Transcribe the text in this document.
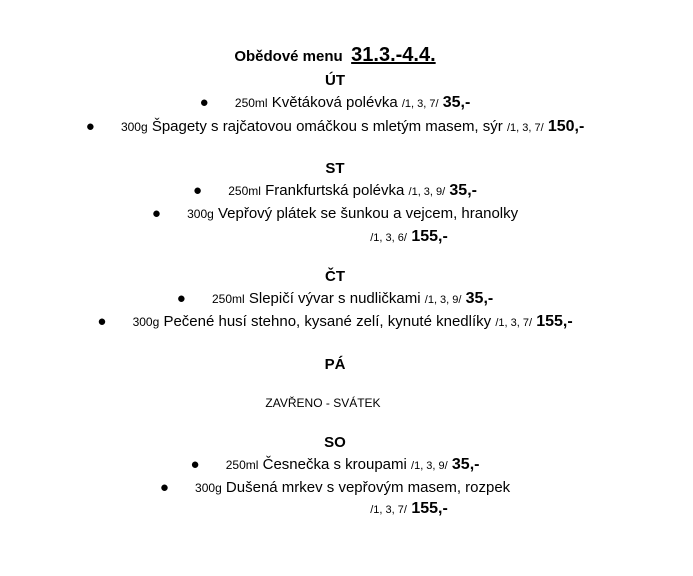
Obědové menu 31.3.-4.4.
ÚT
● 250ml Květáková polévka /1, 3, 7/ 35,-
● 300g Špagety s rajčatovou omáčkou s mletým masem, sýr /1, 3, 7/ 150,-
ST
● 250ml Frankfurtská polévka /1, 3, 9/ 35,-
● 300g Vepřový plátek se šunkou a vejcem, hranolky
/1, 3, 6/ 155,-
ČT
● 250ml Slepičí vývar s nudličkami /1, 3, 9/ 35,-
● 300g Pečené husí stehno, kysané zelí, kynuté knedlíky /1, 3, 7/ 155,-
PÁ
ZAVŘENO - SVÁTEK
SO
● 250ml Česnečka s kroupami /1, 3, 9/ 35,-
● 300g Dušená mrkev s vepřovým masem, rozpek
/1, 3, 7/ 155,-
